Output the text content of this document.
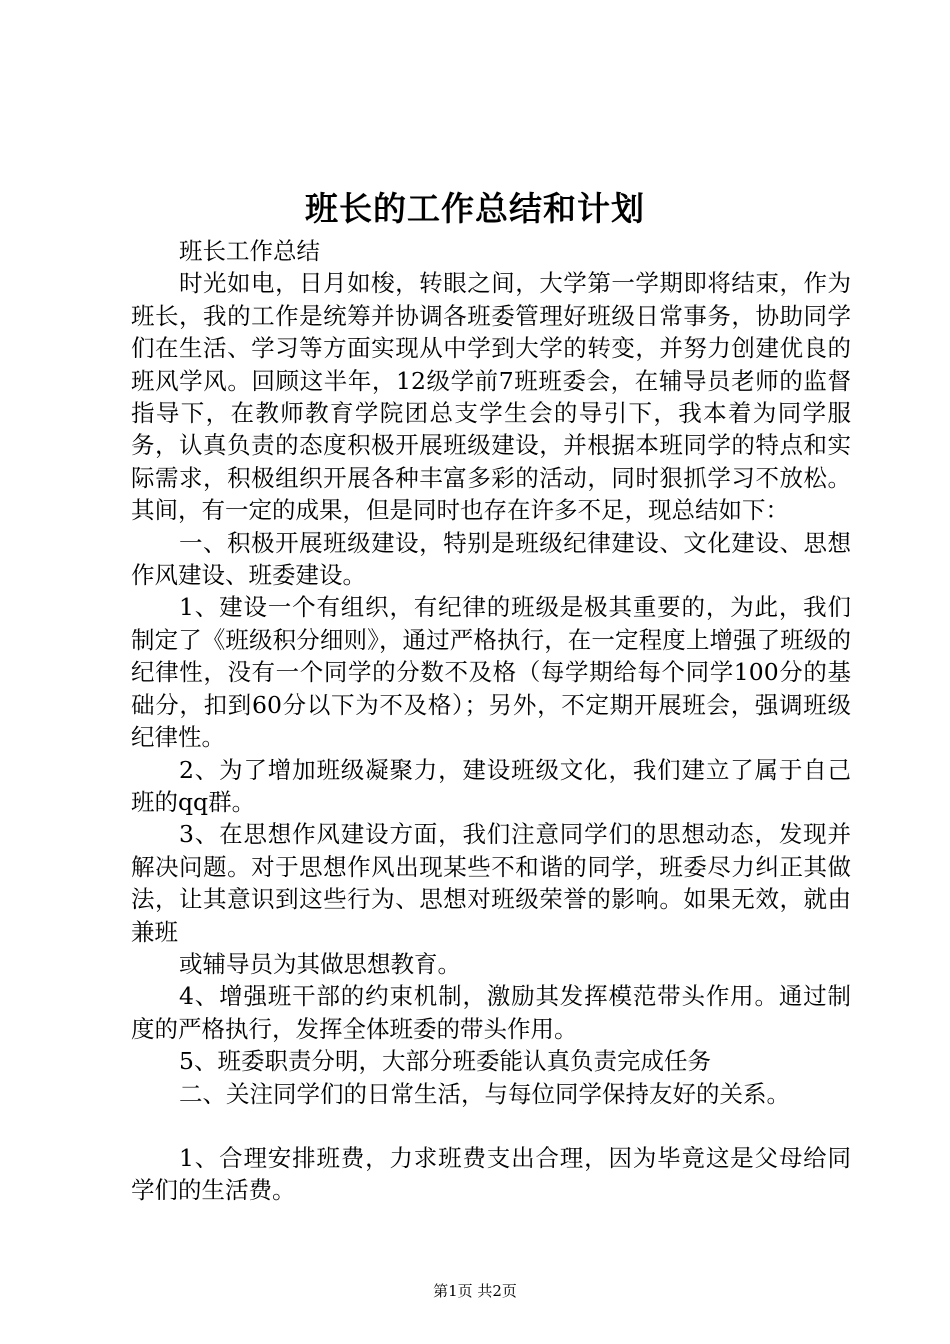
班长的工作总结和计划

班长工作总结

时光如电，日月如梭，转眼之间，大学第一学期即将结束，作为班长，我的工作是统筹并协调各班委管理好班级日常事务，协助同学们在生活、学习等方面实现从中学到大学的转变，并努力创建优良的班风学风。回顾这半年，12级学前7班班委会，在辅导员老师的监督指导下，在教师教育学院团总支学生会的导引下，我本着为同学服务，认真负责的态度积极开展班级建设，并根据本班同学的特点和实际需求，积极组织开展各种丰富多彩的活动，同时狠抓学习不放松。其间，有一定的成果，但是同时也存在许多不足，现总结如下：

一、积极开展班级建设，特别是班级纪律建设、文化建设、思想作风建设、班委建设。

1、建设一个有组织，有纪律的班级是极其重要的，为此，我们制定了《班级积分细则》，通过严格执行，在一定程度上增强了班级的纪律性，没有一个同学的分数不及格（每学期给每个同学100分的基础分，扣到60分以下为不及格）；另外，不定期开展班会，强调班级纪律性。

2、为了增加班级凝聚力，建设班级文化，我们建立了属于自己班的qq群。

3、在思想作风建设方面，我们注意同学们的思想动态，发现并解决问题。对于思想作风出现某些不和谐的同学，班委尽力纠正其做法，让其意识到这些行为、思想对班级荣誉的影响。如果无效，就由兼班

或辅导员为其做思想教育。

4、增强班干部的约束机制，激励其发挥模范带头作用。通过制度的严格执行，发挥全体班委的带头作用。

5、班委职责分明，大部分班委能认真负责完成任务

二、关注同学们的日常生活，与每位同学保持友好的关系。

1、合理安排班费，力求班费支出合理，因为毕竟这是父母给同学们的生活费。

第1页 共2页
